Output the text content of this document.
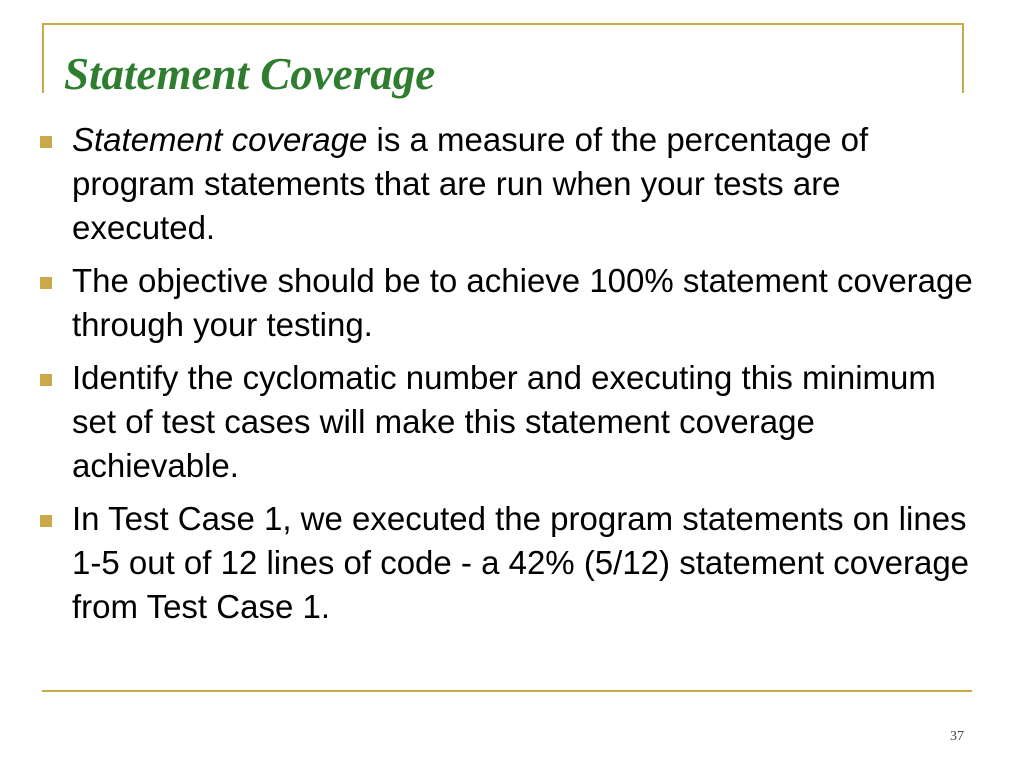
Statement Coverage
Statement coverage is a measure of the percentage of program statements that are run when your tests are executed.
The objective should be to achieve 100% statement coverage through your testing.
Identify the cyclomatic number and executing this minimum set of test cases will make this statement coverage achievable.
In Test Case 1, we executed the program statements on lines 1-5 out of 12 lines of code - a 42% (5/12) statement coverage from Test Case 1.
37
